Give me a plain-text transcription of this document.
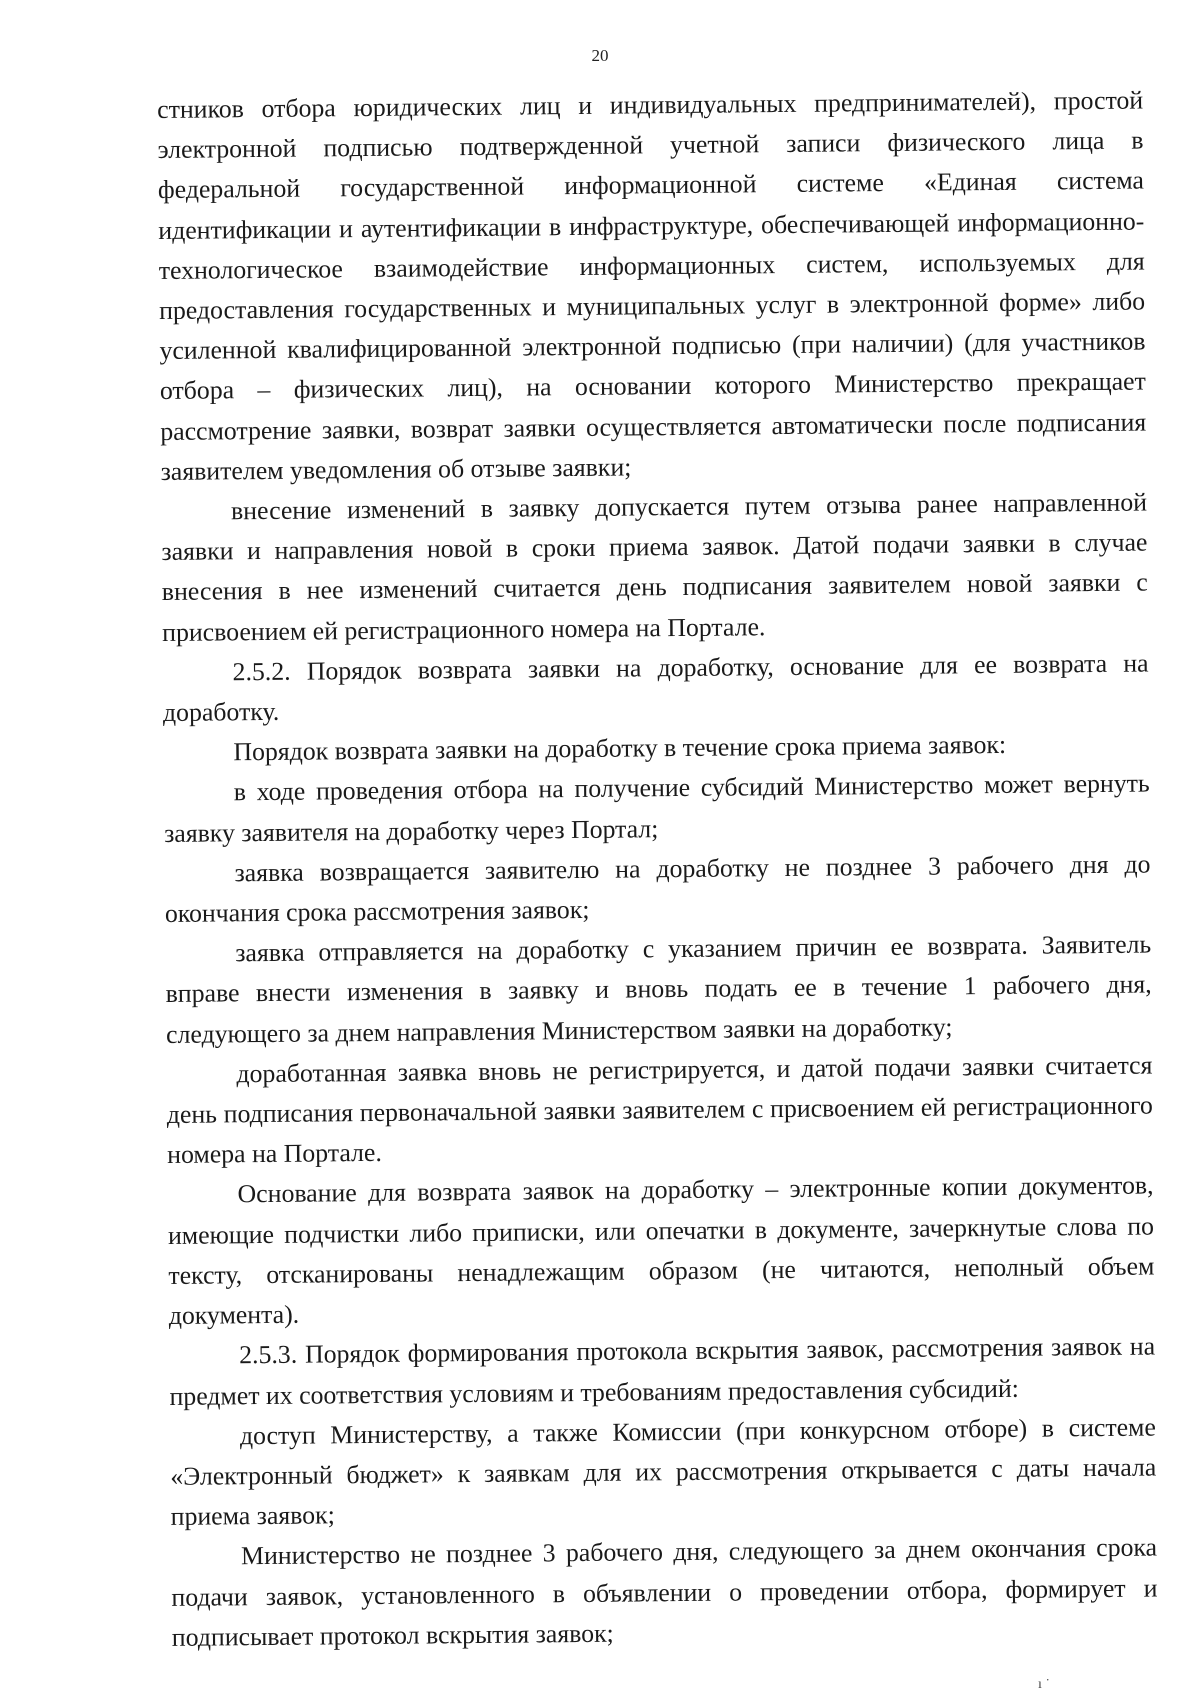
20

стников отбора юридических лиц и индивидуальных предпринимателей), простой электронной подписью подтвержденной учетной записи физического лица в федеральной государственной информационной системе «Единая система идентификации и аутентификации в инфраструктуре, обеспечивающей информационно-технологическое взаимодействие информационных систем, используемых для предоставления государственных и муниципальных услуг в электронной форме» либо усиленной квалифицированной электронной подписью (при наличии) (для участников отбора – физических лиц), на основании которого Министерство прекращает рассмотрение заявки, возврат заявки осуществляется автоматически после подписания заявителем уведомления об отзыве заявки;

внесение изменений в заявку допускается путем отзыва ранее направленной заявки и направления новой в сроки приема заявок. Датой подачи заявки в случае внесения в нее изменений считается день подписания заявителем новой заявки с присвоением ей регистрационного номера на Портале.

2.5.2. Порядок возврата заявки на доработку, основание для ее возврата на доработку.

Порядок возврата заявки на доработку в течение срока приема заявок:

в ходе проведения отбора на получение субсидий Министерство может вернуть заявку заявителя на доработку через Портал;

заявка возвращается заявителю на доработку не позднее 3 рабочего дня до окончания срока рассмотрения заявок;

заявка отправляется на доработку с указанием причин ее возврата. Заявитель вправе внести изменения в заявку и вновь подать ее в течение 1 рабочего дня, следующего за днем направления Министерством заявки на доработку;

доработанная заявка вновь не регистрируется, и датой подачи заявки считается день подписания первоначальной заявки заявителем с присвоением ей регистрационного номера на Портале.

Основание для возврата заявок на доработку – электронные копии документов, имеющие подчистки либо приписки, или опечатки в документе, зачеркнутые слова по тексту, отсканированы ненадлежащим образом (не читаются, неполный объем документа).

2.5.3. Порядок формирования протокола вскрытия заявок, рассмотрения заявок на предмет их соответствия условиям и требованиям предоставления субсидий:

доступ Министерству, а также Комиссии (при конкурсном отборе) в системе «Электронный бюджет» к заявкам для их рассмотрения открывается с даты начала приема заявок;

Министерство не позднее 3 рабочего дня, следующего за днем окончания срока подачи заявок, установленного в объявлении о проведении отбора, формирует и подписывает протокол вскрытия заявок;

ı ˙
